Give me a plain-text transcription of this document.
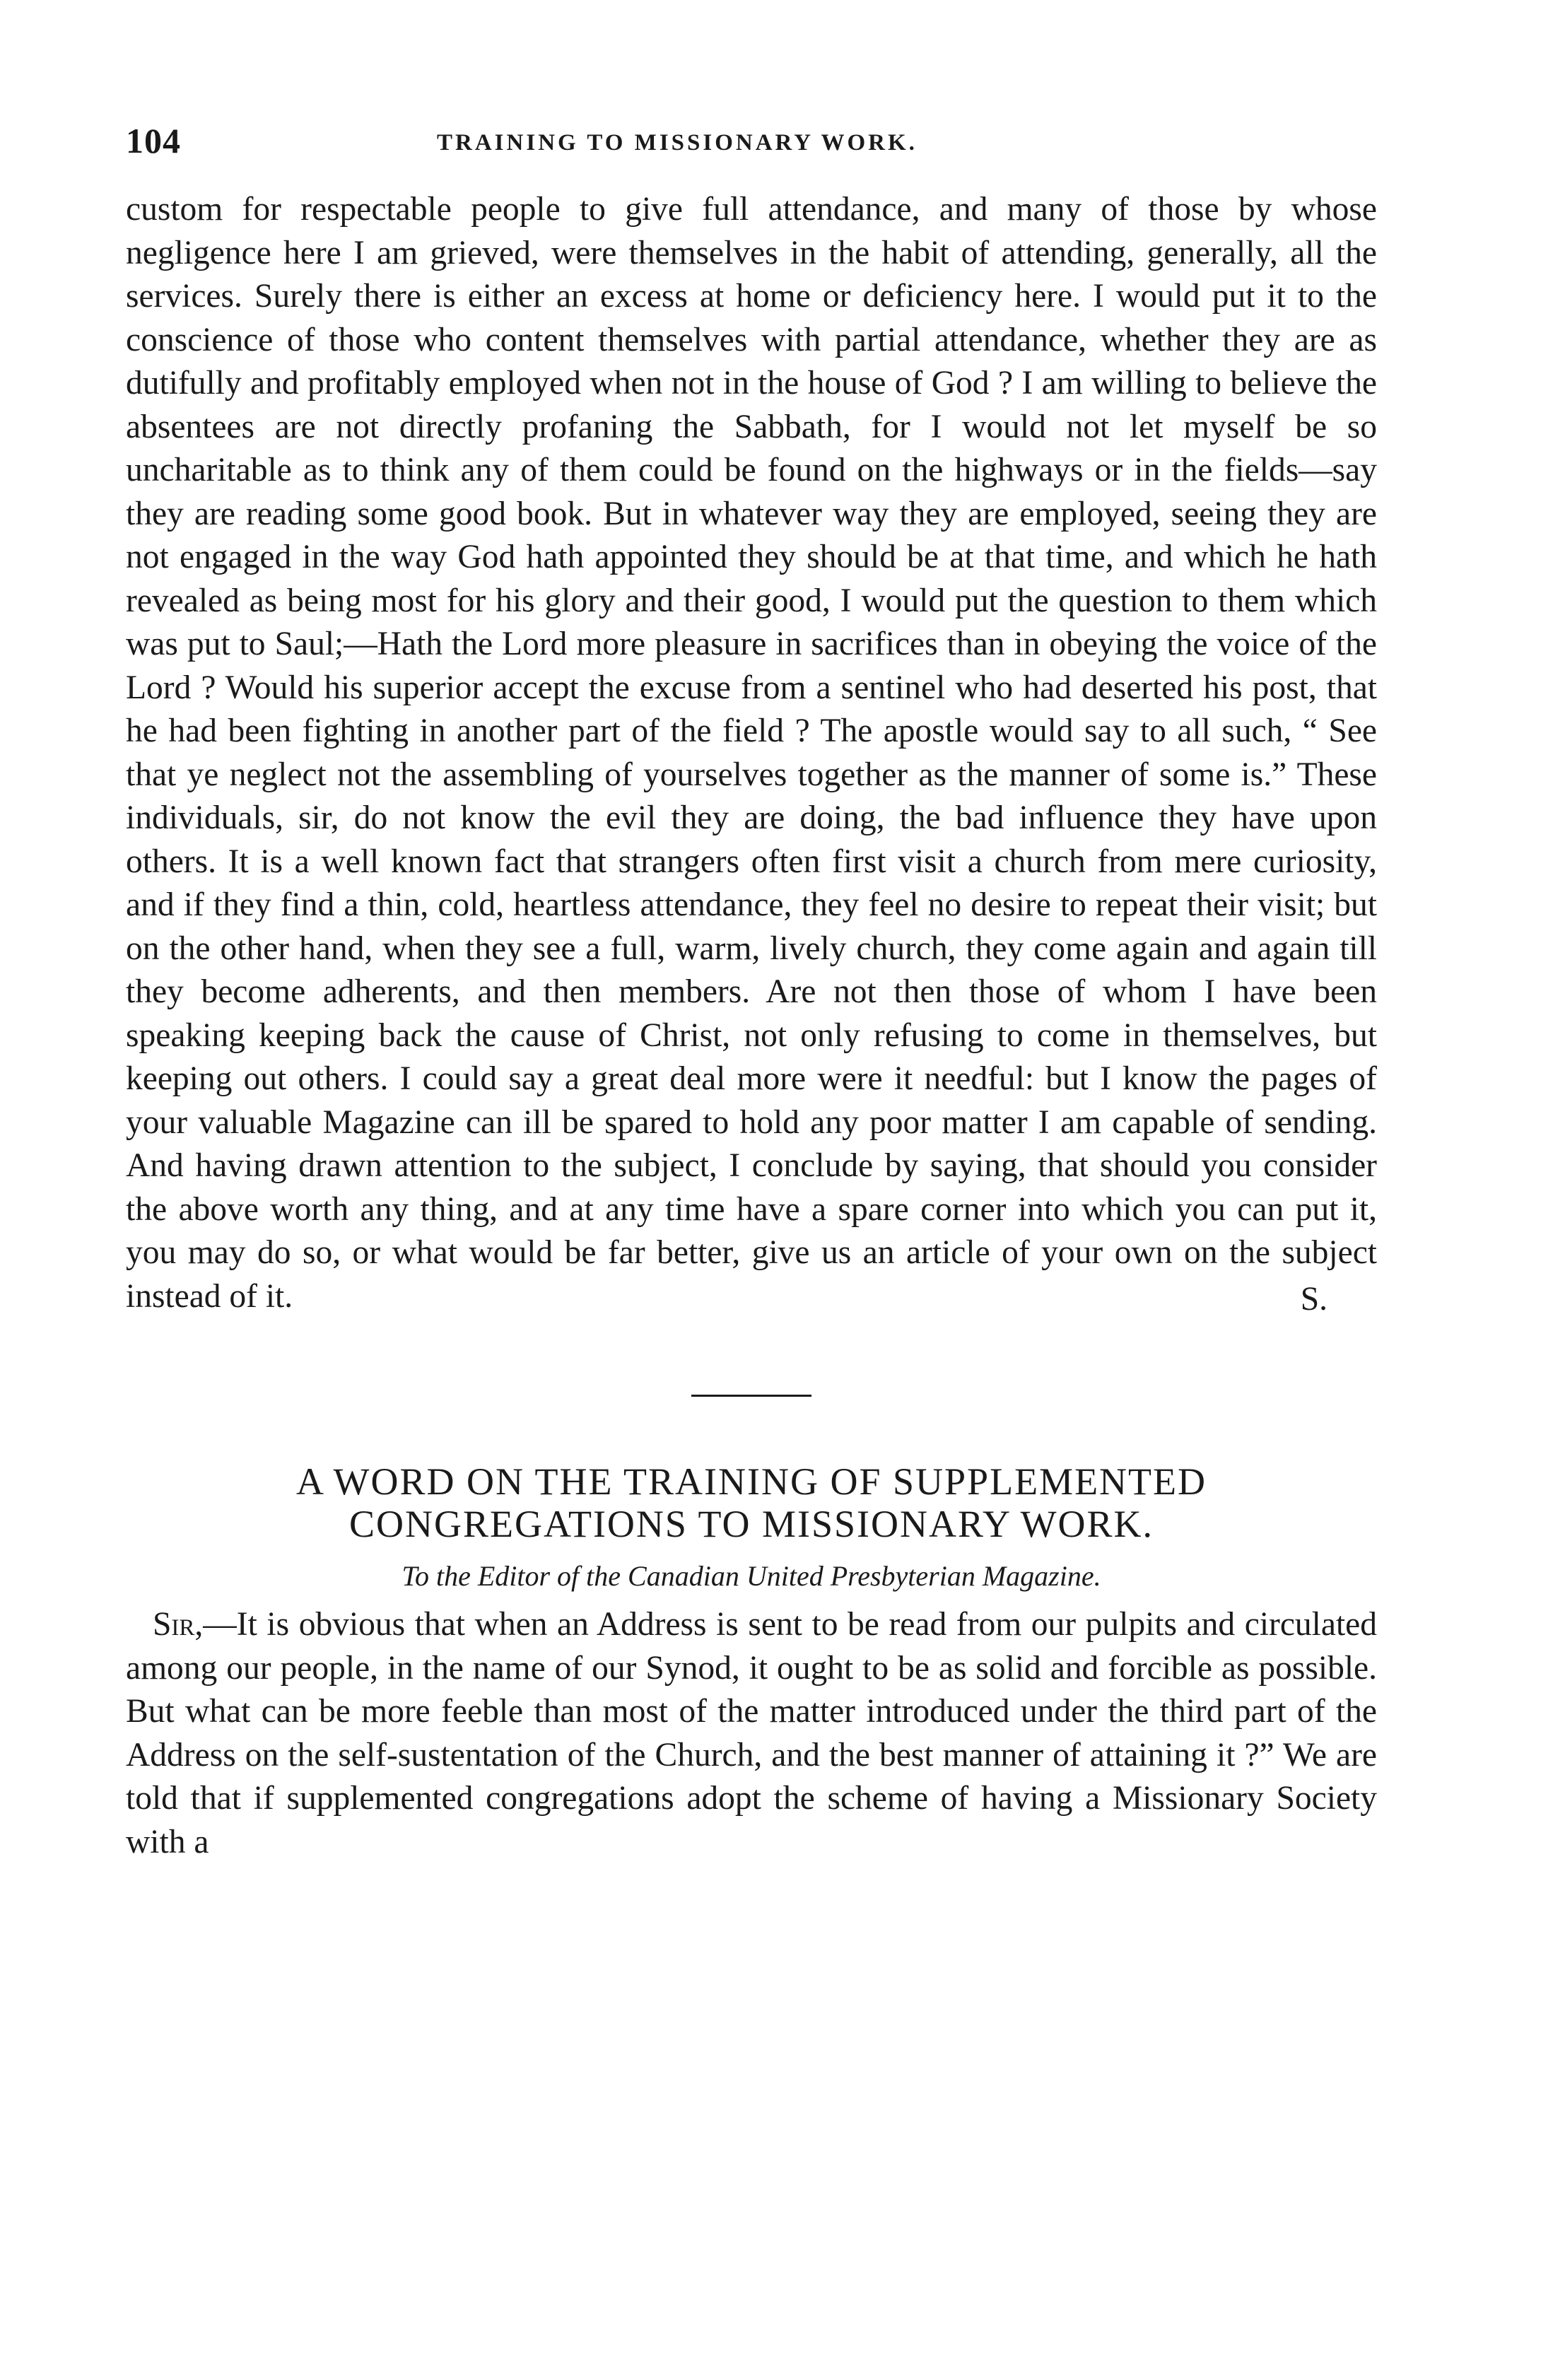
104	TRAINING TO MISSIONARY WORK.

custom for respectable people to give full attendance, and many of those by whose negligence here I am grieved, were themselves in the habit of attending, generally, all the services. Surely there is either an excess at home or deficiency here. I would put it to the conscience of those who content themselves with partial attendance, whether they are as dutifully and profitably employed when not in the house of God ? I am willing to believe the absentees are not directly profaning the Sabbath, for I would not let myself be so uncharitable as to think any of them could be found on the highways or in the fields—say they are reading some good book. But in whatever way they are employed, seeing they are not engaged in the way God hath appointed they should be at that time, and which he hath revealed as being most for his glory and their good, I would put the question to them which was put to Saul;—Hath the Lord more pleasure in sacrifices than in obeying the voice of the Lord ? Would his superior accept the excuse from a sentinel who had deserted his post, that he had been fighting in another part of the field ? The apostle would say to all such, “ See that ye neglect not the assembling of yourselves together as the manner of some is.” These individuals, sir, do not know the evil they are doing, the bad influence they have upon others. It is a well known fact that strangers often first visit a church from mere curiosity, and if they find a thin, cold, heartless attendance, they feel no desire to repeat their visit; but on the other hand, when they see a full, warm, lively church, they come again and again till they become adherents, and then members. Are not then those of whom I have been speaking keeping back the cause of Christ, not only refusing to come in themselves, but keeping out others. I could say a great deal more were it needful: but I know the pages of your valuable Magazine can ill be spared to hold any poor matter I am capable of sending. And having drawn attention to the subject, I conclude by saying, that should you consider the above worth any thing, and at any time have a spare corner into which you can put it, you may do so, or what would be far better, give us an article of your own on the subject instead of it.	S.
A WORD ON THE TRAINING OF SUPPLEMENTED CONGREGATIONS TO MISSIONARY WORK.

To the Editor of the Canadian United Presbyterian Magazine.

Sir,—It is obvious that when an Address is sent to be read from our pulpits and circulated among our people, in the name of our Synod, it ought to be as solid and forcible as possible. But what can be more feeble than most of the matter introduced under the third part of the Address on the self-sustentation of the Church, and the best manner of attaining it ?” We are told that if supplemented congregations adopt the scheme of having a Missionary Society with a
